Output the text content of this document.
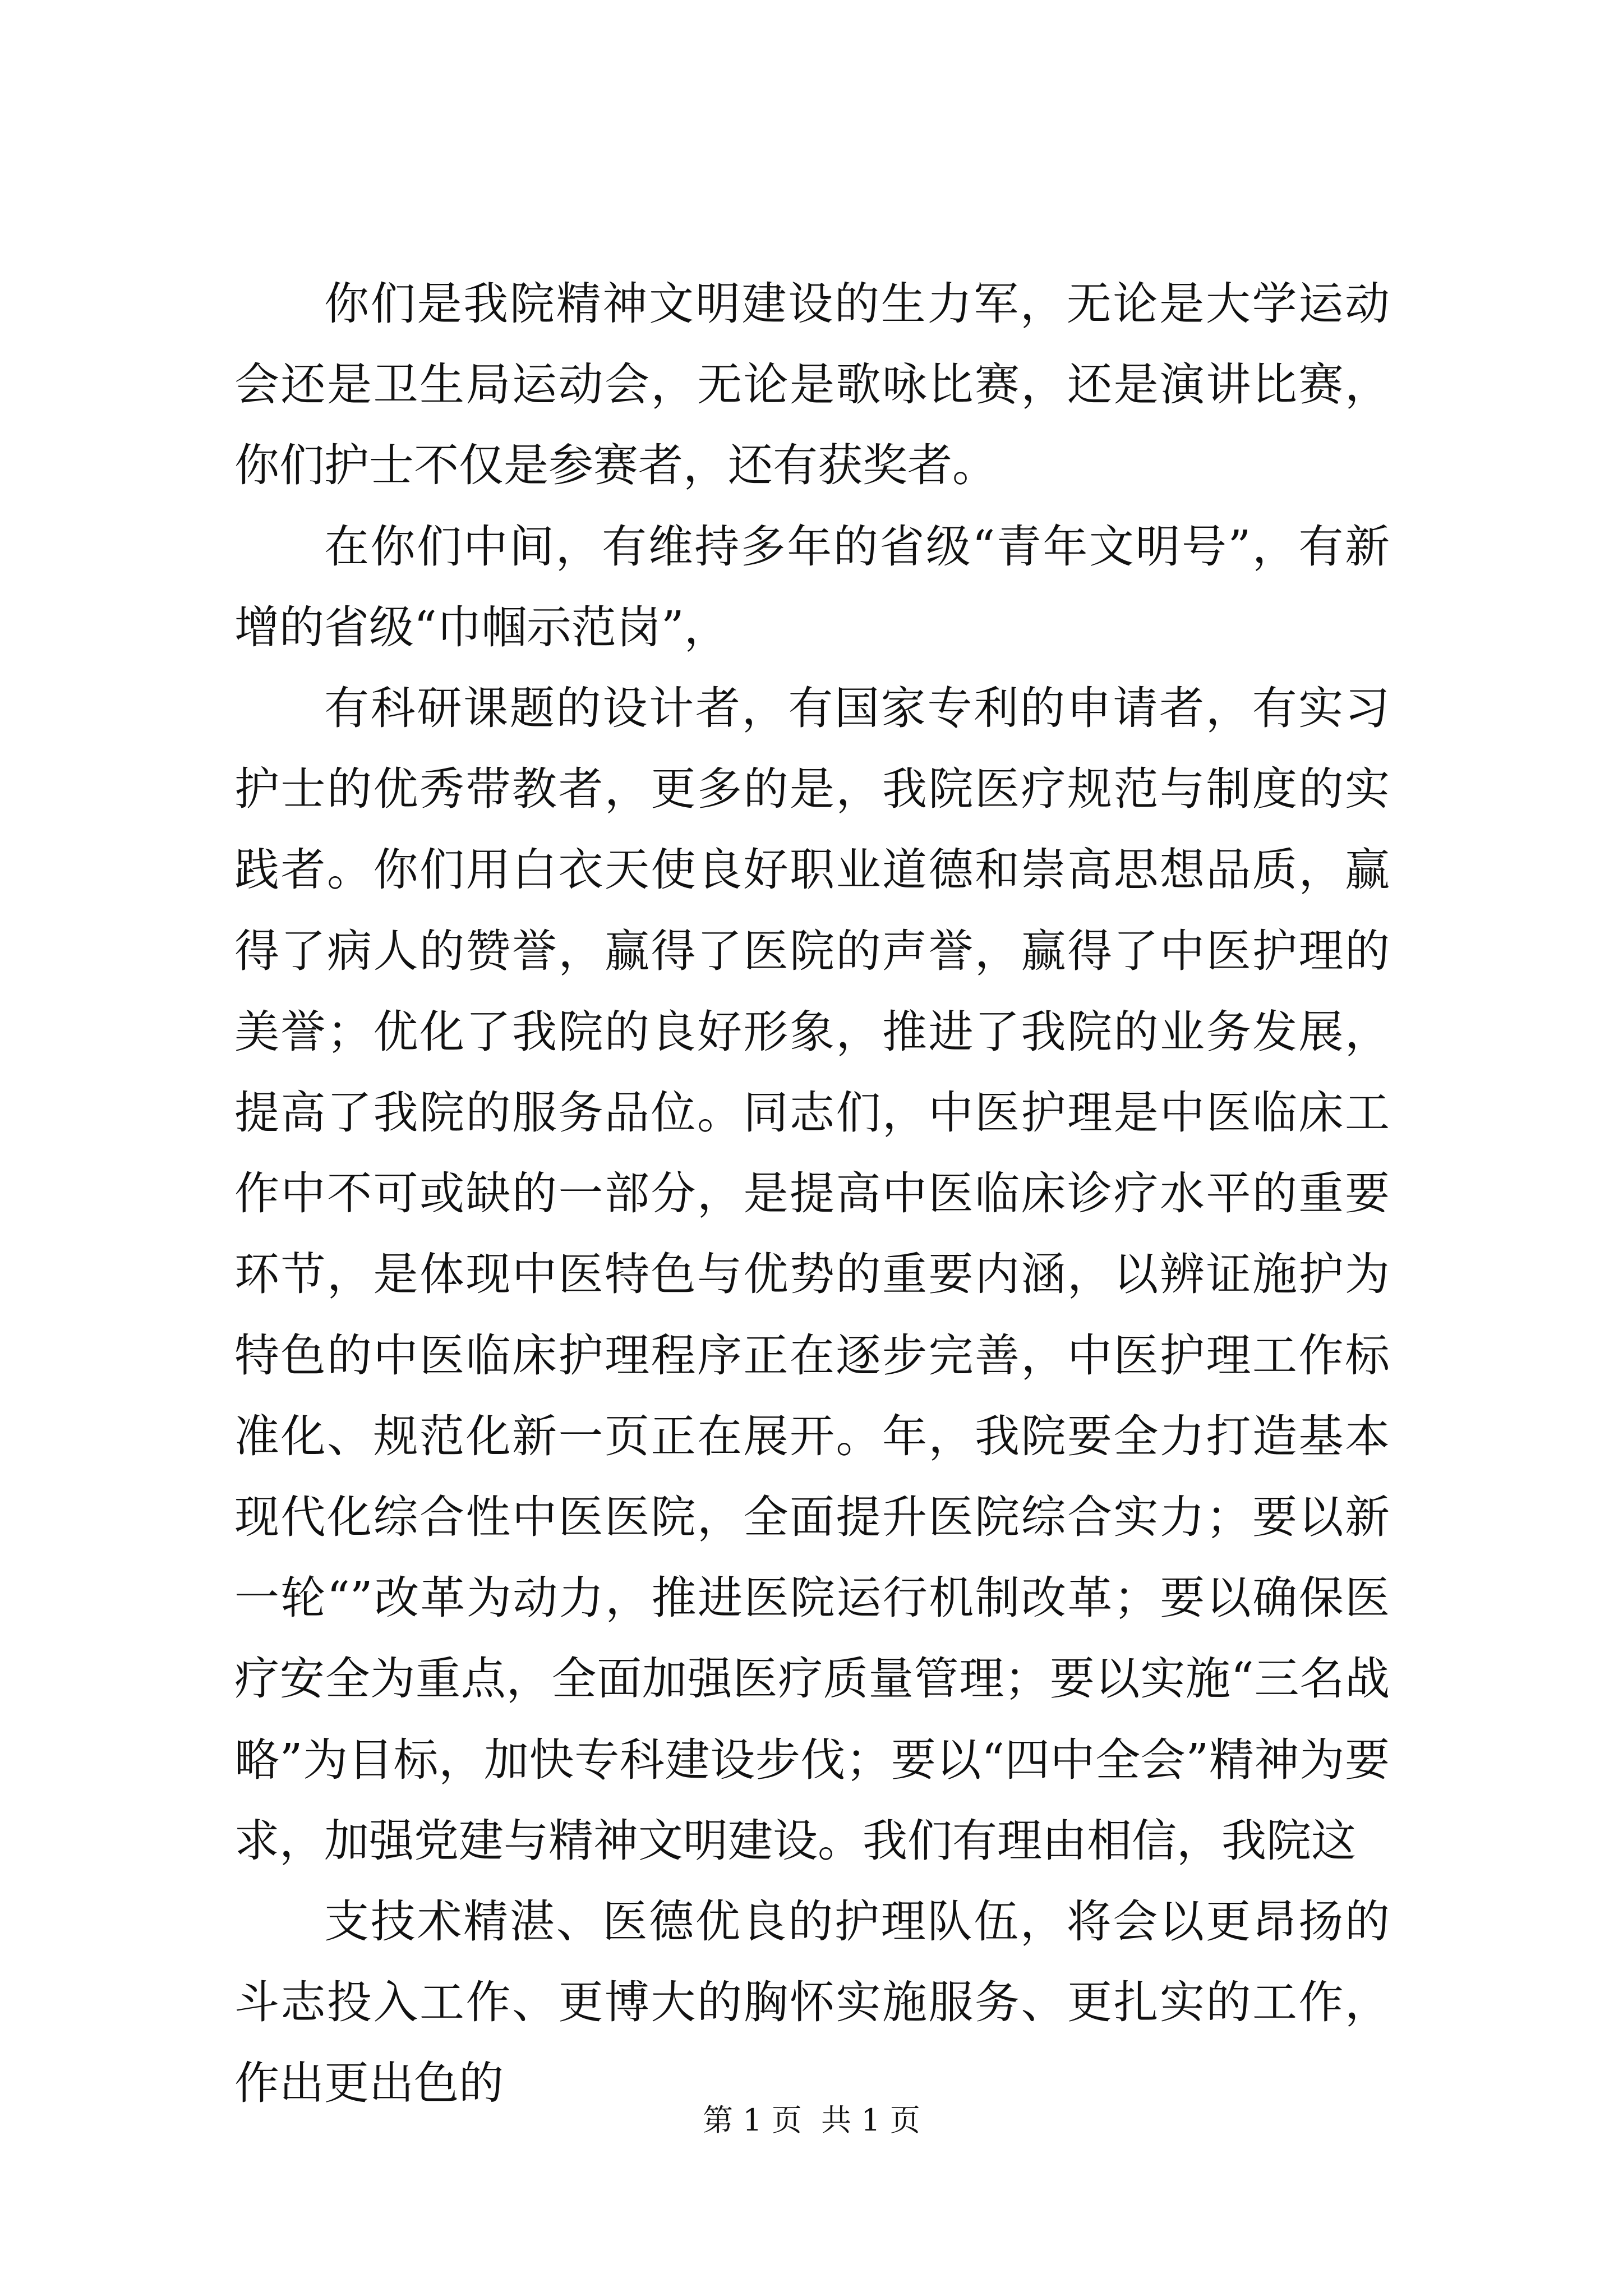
你们是我院精神文明建设的生力军，无论是大学运动会还是卫生局运动会，无论是歌咏比赛，还是演讲比赛，你们护士不仅是参赛者，还有获奖者。

在你们中间，有维持多年的省级“青年文明号”，有新增的省级“巾帼示范岗”，

有科研课题的设计者，有国家专利的申请者，有实习护士的优秀带教者，更多的是，我院医疗规范与制度的实践者。你们用白衣天使良好职业道德和崇高思想品质，赢得了病人的赞誉，赢得了医院的声誉，赢得了中医护理的美誉；优化了我院的良好形象，推进了我院的业务发展，提高了我院的服务品位。同志们，中医护理是中医临床工作中不可或缺的一部分，是提高中医临床诊疗水平的重要环节，是体现中医特色与优势的重要内涵，以辨证施护为特色的中医临床护理程序正在逐步完善，中医护理工作标准化、规范化新一页正在展开。年，我院要全力打造基本现代化综合性中医医院，全面提升医院综合实力；要以新一轮“”改革为动力，推进医院运行机制改革；要以确保医疗安全为重点，全面加强医疗质量管理；要以实施“三名战略”为目标，加快专科建设步伐；要以“四中全会”精神为要求，加强党建与精神文明建设。我们有理由相信，我院这

支技术精湛、医德优良的护理队伍，将会以更昂扬的斗志投入工作、更博大的胸怀实施服务、更扎实的工作，作出更出色的

第 1 页  共 1 页
